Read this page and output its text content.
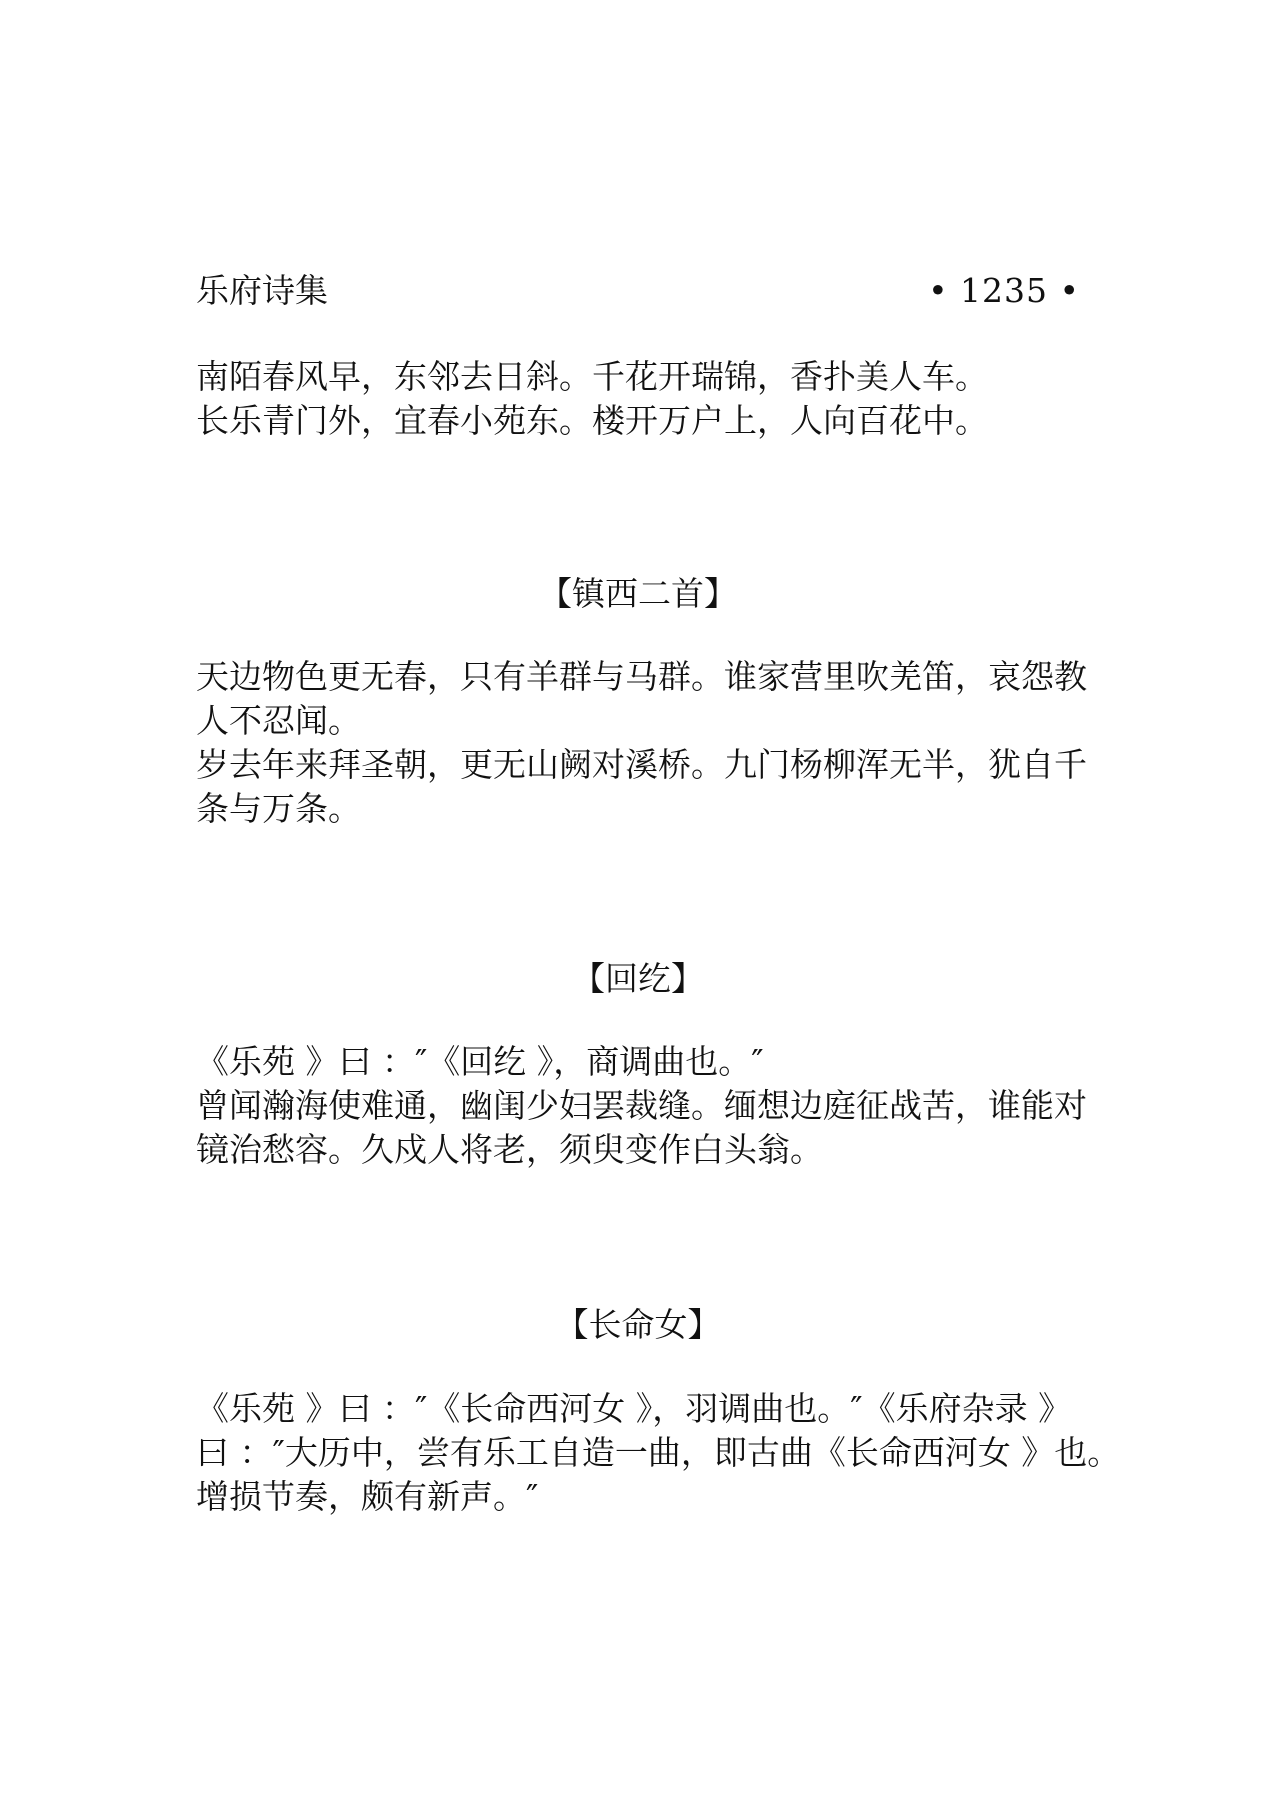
乐府诗集	• 1235 •
南陌春风早，东邻去日斜。千花开瑞锦，香扑美人车。
长乐青门外，宜春小苑东。楼开万户上，人向百花中。
【镇西二首】
天边物色更无春，只有羊群与马群。谁家营里吹羌笛，哀怨教
人不忍闻。
岁去年来拜圣朝，更无山阙对溪桥。九门杨柳浑无半，犹自千
条与万条。
【回纥】
《乐苑 》曰 ：″《回纥 》，商调曲也。″
曾闻瀚海使难通，幽闺少妇罢裁缝。缅想边庭征战苦，谁能对
镜治愁容。久戍人将老，须臾变作白头翁。
【长命女】
《乐苑 》曰 ：″《长命西河女 》，羽调曲也。″《乐府杂录 》
曰 ：″大历中，尝有乐工自造一曲，即古曲《长命西河女 》也。
增损节奏，颇有新声。″
